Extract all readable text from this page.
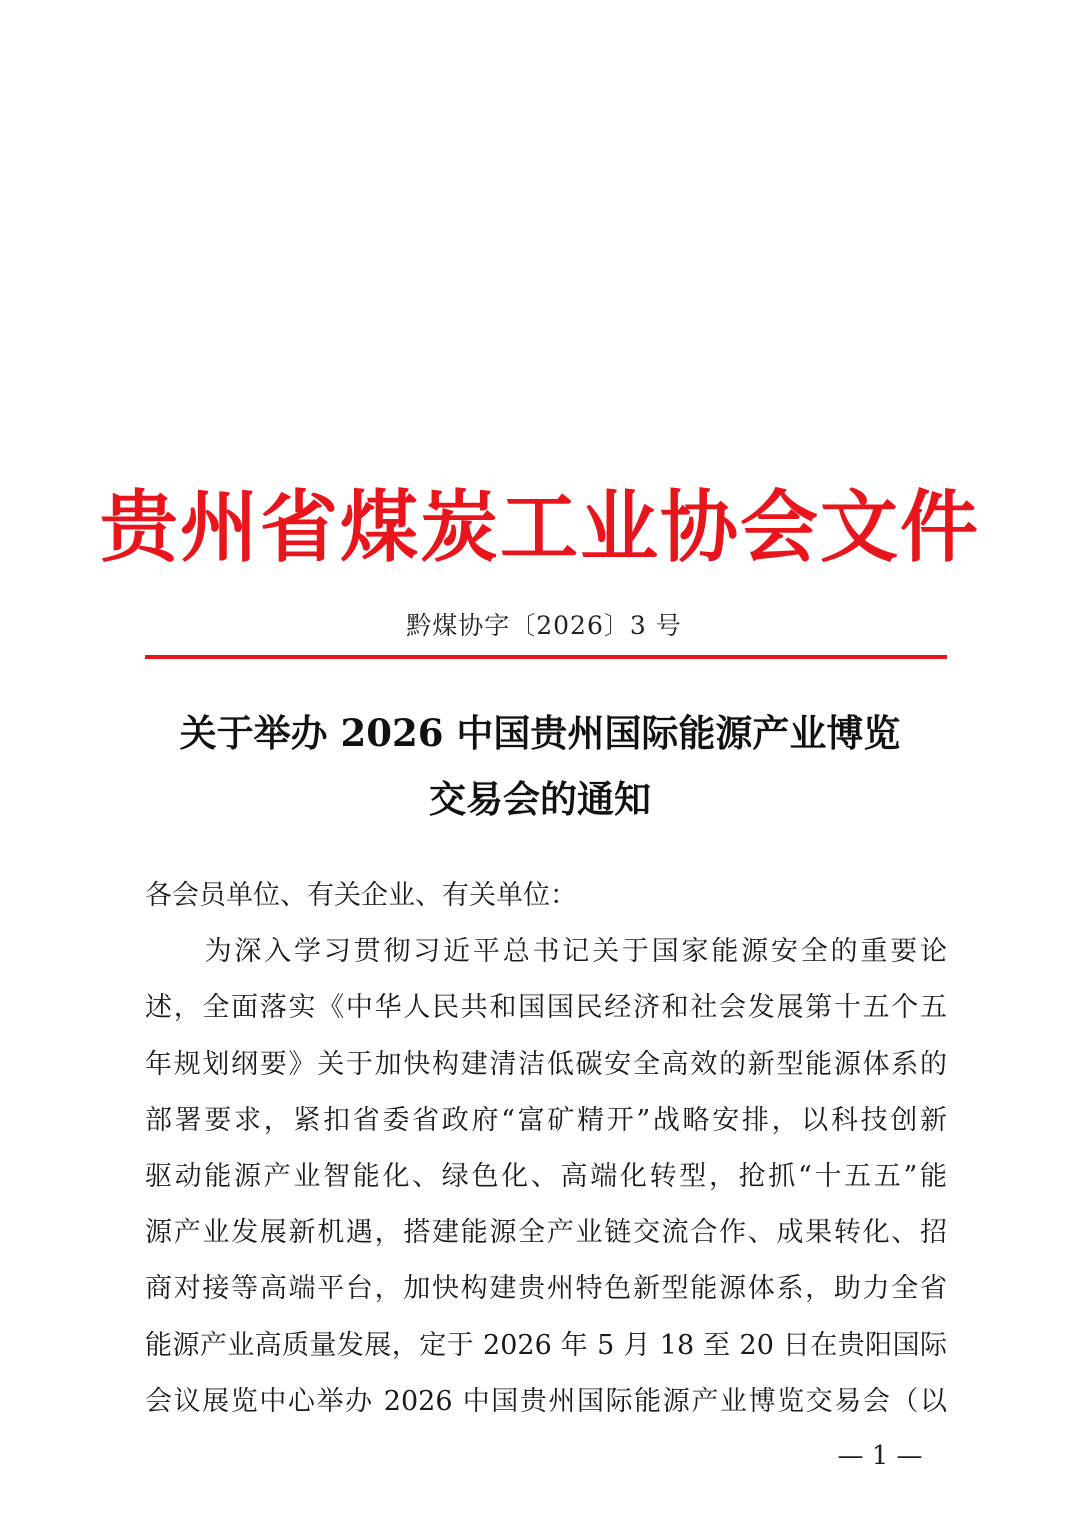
贵州省煤炭工业协会文件
黔煤协字〔2026〕3 号
关于举办 2026 中国贵州国际能源产业博览
交易会的通知
各会员单位、有关企业、有关单位：
　　为深入学习贯彻习近平总书记关于国家能源安全的重要论
述，全面落实《中华人民共和国国民经济和社会发展第十五个五
年规划纲要》关于加快构建清洁低碳安全高效的新型能源体系的
部署要求，紧扣省委省政府“富矿精开”战略安排，以科技创新
驱动能源产业智能化、绿色化、高端化转型，抢抓“十五五”能
源产业发展新机遇，搭建能源全产业链交流合作、成果转化、招
商对接等高端平台，加快构建贵州特色新型能源体系，助力全省
能源产业高质量发展，定于 2026 年 5 月 18 至 20 日在贵阳国际
会议展览中心举办 2026 中国贵州国际能源产业博览交易会（以
— 1 —
